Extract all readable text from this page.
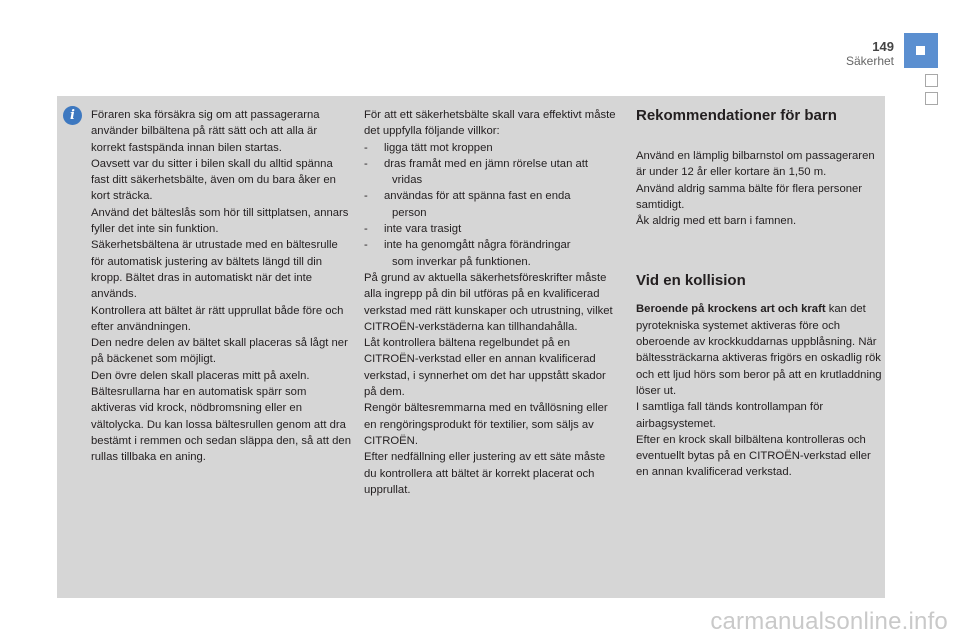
149
Säkerhet
i	Föraren ska försäkra sig om att passagerarna använder bilbältena på rätt sätt och att alla är korrekt fastspända innan bilen startas.

Oavsett var du sitter i bilen skall du alltid spänna fast ditt säkerhetsbälte, även om du bara åker en kort sträcka.

Använd det bälteslås som hör till sittplatsen, annars fyller det inte sin funktion.

Säkerhetsbältena är utrustade med en bältesrulle för automatisk justering av bältets längd till din kropp. Bältet dras in automatiskt när det inte används.

Kontrollera att bältet är rätt upprullat både före och efter användningen.

Den nedre delen av bältet skall placeras så lågt ner på bäckenet som möjligt.

Den övre delen skall placeras mitt på axeln.

Bältesrullarna har en automatisk spärr som aktiveras vid krock, nödbromsning eller en vältolycka. Du kan lossa bältesrullen genom att dra bestämt i remmen och sedan släppa den, så att den rullas tillbaka en aning.

För att ett säkerhetsbälte skall vara effektivt måste det uppfylla följande villkor:

-	ligga tätt mot kroppen
-	dras framåt med en jämn rörelse utan att
vridas
-	användas för att spänna fast en enda
person
-	inte vara trasigt
-	inte ha genomgått några förändringar
som inverkar på funktionen.

På grund av aktuella säkerhetsföreskrifter måste alla ingrepp på din bil utföras på en kvalificerad verkstad med rätt kunskaper och utrustning, vilket CITROËN-verkstäderna kan tillhandahålla.

Låt kontrollera bältena regelbundet på en CITROËN-verkstad eller en annan kvalificerad verkstad, i synnerhet om det har uppstått skador på dem.

Rengör bältesremmarna med en tvållösning eller en rengöringsprodukt för textilier, som säljs av CITROËN.

Efter nedfällning eller justering av ett säte måste du kontrollera att bältet är korrekt placerat och upprullat.

Rekommendationer för barn

Använd en lämplig bilbarnstol om passageraren är under 12 år eller kortare än 1,50 m.

Använd aldrig samma bälte för flera personer samtidigt.

Åk aldrig med ett barn i famnen.

Vid en kollision

Beroende på krockens art och kraft kan det pyrotekniska systemet aktiveras före och oberoende av krockkuddarnas uppblåsning. När bältessträckarna aktiveras frigörs en oskadlig rök och ett ljud hörs som beror på att en krutladdning löser ut.

I samtliga fall tänds kontrollampan för airbagsystemet.

Efter en krock skall bilbältena kontrolleras och eventuellt bytas på en CITROËN-verkstad eller en annan kvalificerad verkstad.

carmanualsonline.info
